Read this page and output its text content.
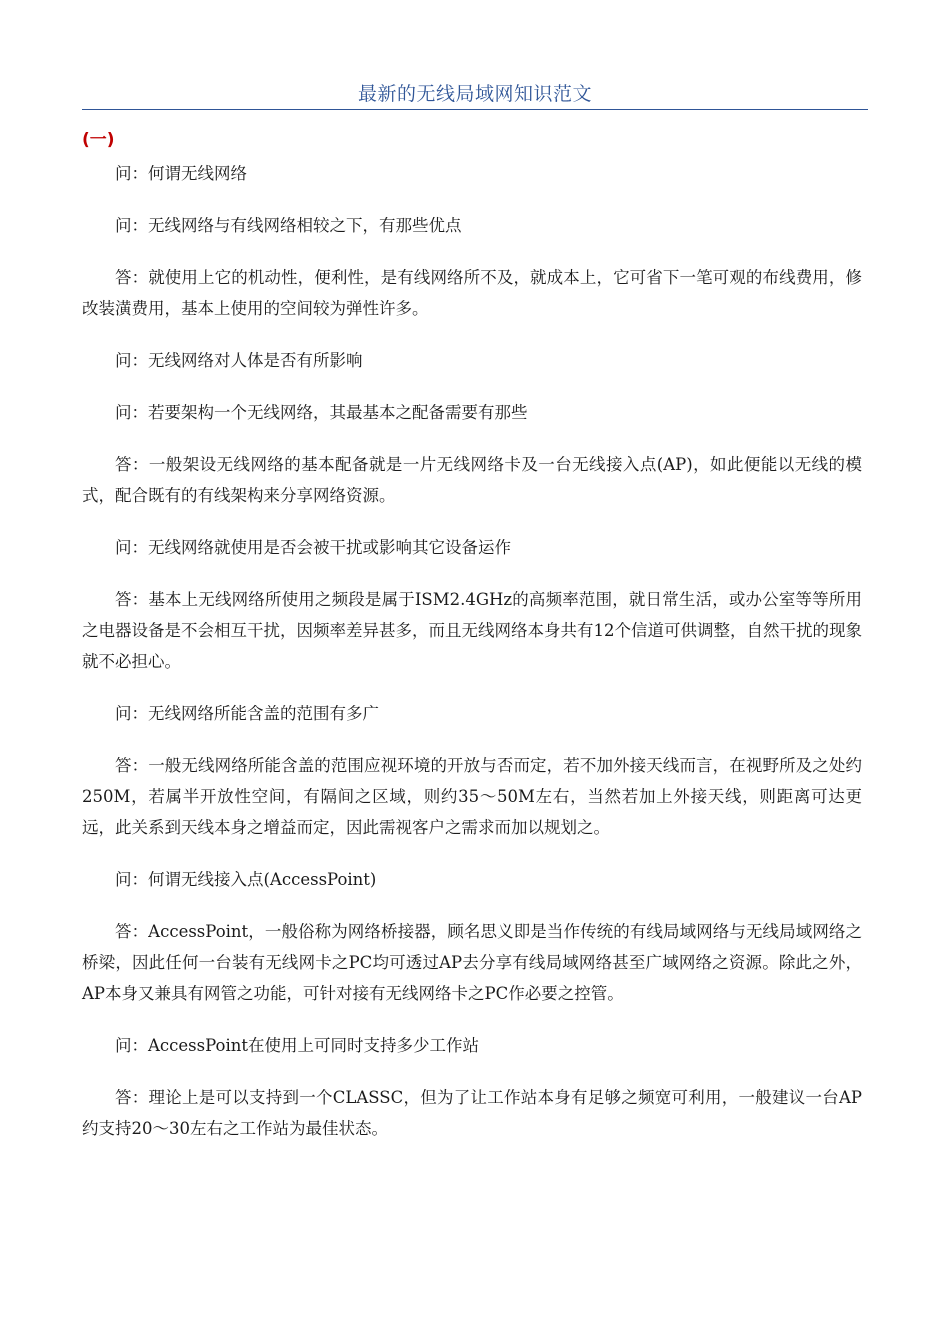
最新的无线局域网知识范文
(一)

问：何谓无线网络

问：无线网络与有线网络相较之下，有那些优点

答：就使用上它的机动性，便利性，是有线网络所不及，就成本上，它可省下一笔可观的布线费用，修改装潢费用，基本上使用的空间较为弹性许多。

问：无线网络对人体是否有所影响

问：若要架构一个无线网络，其最基本之配备需要有那些

答：一般架设无线网络的基本配备就是一片无线网络卡及一台无线接入点(AP)，如此便能以无线的模式，配合既有的有线架构来分享网络资源。

问：无线网络就使用是否会被干扰或影响其它设备运作

答：基本上无线网络所使用之频段是属于ISM2.4GHz的高频率范围，就日常生活，或办公室等等所用之电器设备是不会相互干扰，因频率差异甚多，而且无线网络本身共有12个信道可供调整，自然干扰的现象就不必担心。

问：无线网络所能含盖的范围有多广

答：一般无线网络所能含盖的范围应视环境的开放与否而定，若不加外接天线而言，在视野所及之处约250M，若属半开放性空间，有隔间之区域，则约35～50M左右，当然若加上外接天线，则距离可达更远，此关系到天线本身之增益而定，因此需视客户之需求而加以规划之。

问：何谓无线接入点(AccessPoint)

答：AccessPoint，一般俗称为网络桥接器，顾名思义即是当作传统的有线局域网络与无线局域网络之桥梁，因此任何一台装有无线网卡之PC均可透过AP去分享有线局域网络甚至广域网络之资源。除此之外，AP本身又兼具有网管之功能，可针对接有无线网络卡之PC作必要之控管。

问：AccessPoint在使用上可同时支持多少工作站

答：理论上是可以支持到一个CLASSC，但为了让工作站本身有足够之频宽可利用，一般建议一台AP约支持20～30左右之工作站为最佳状态。
